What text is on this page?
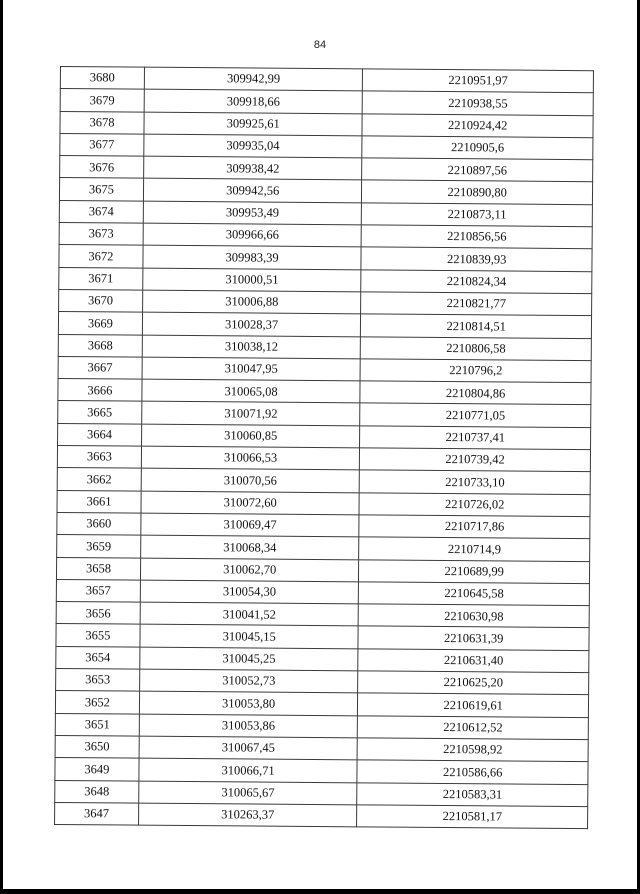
84
3680	309942,99	2210951,97
3679	309918,66	2210938,55
3678	309925,61	2210924,42
3677	309935,04	2210905,6
3676	309938,42	2210897,56
3675	309942,56	2210890,80
3674	309953,49	2210873,11
3673	309966,66	2210856,56
3672	309983,39	2210839,93
3671	310000,51	2210824,34
3670	310006,88	2210821,77
3669	310028,37	2210814,51
3668	310038,12	2210806,58
3667	310047,95	2210796,2
3666	310065,08	2210804,86
3665	310071,92	2210771,05
3664	310060,85	2210737,41
3663	310066,53	2210739,42
3662	310070,56	2210733,10
3661	310072,60	2210726,02
3660	310069,47	2210717,86
3659	310068,34	2210714,9
3658	310062,70	2210689,99
3657	310054,30	2210645,58
3656	310041,52	2210630,98
3655	310045,15	2210631,39
3654	310045,25	2210631,40
3653	310052,73	2210625,20
3652	310053,80	2210619,61
3651	310053,86	2210612,52
3650	310067,45	2210598,92
3649	310066,71	2210586,66
3648	310065,67	2210583,31
3647	310263,37	2210581,17
